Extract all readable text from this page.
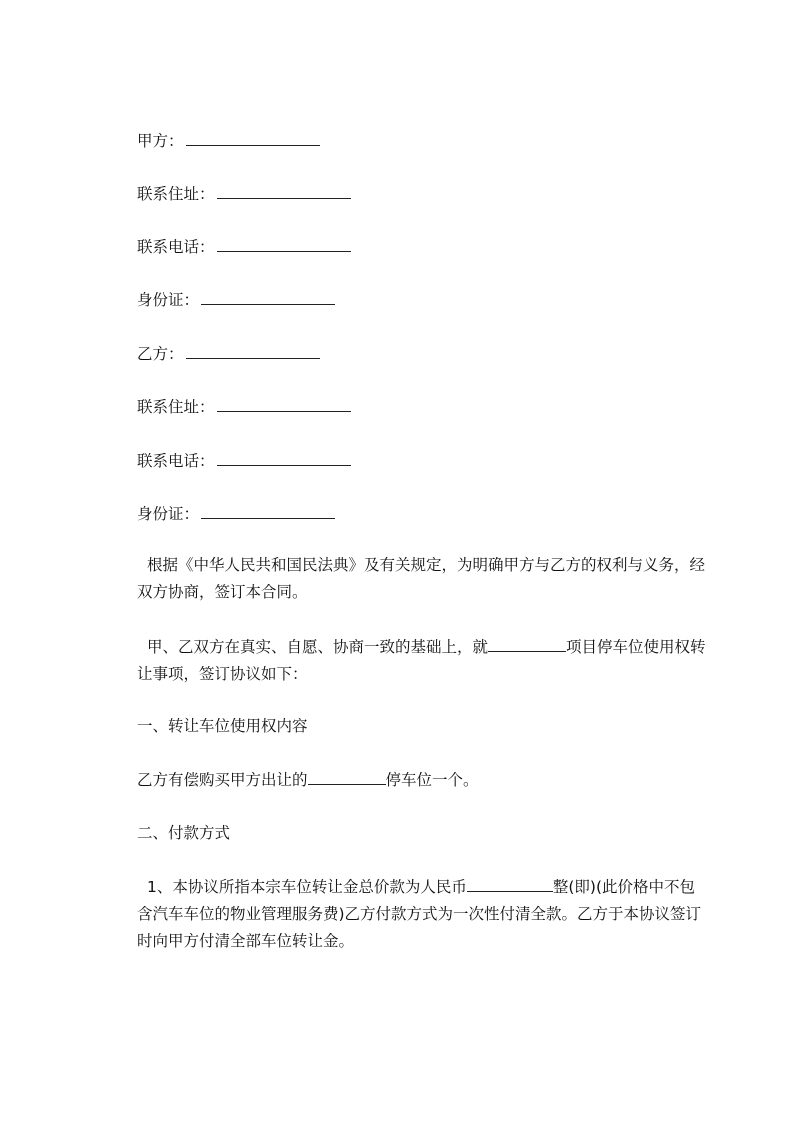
甲方：
联系住址：
联系电话：
身份证：
乙方：
联系住址：
联系电话：
身份证：
根据《中华人民共和国民法典》及有关规定，为明确甲方与乙方的权利与义务，经双方协商，签订本合同。
甲、乙双方在真实、自愿、协商一致的基础上，就	项目停车位使用权转让事项，签订协议如下：
一、转让车位使用权内容
乙方有偿购买甲方出让的	停车位一个。
二、付款方式
1、本协议所指本宗车位转让金总价款为人民币	整(即)(此价格中不包含汽车车位的物业管理服务费)乙方付款方式为一次性付清全款。乙方于本协议签订时向甲方付清全部车位转让金。
